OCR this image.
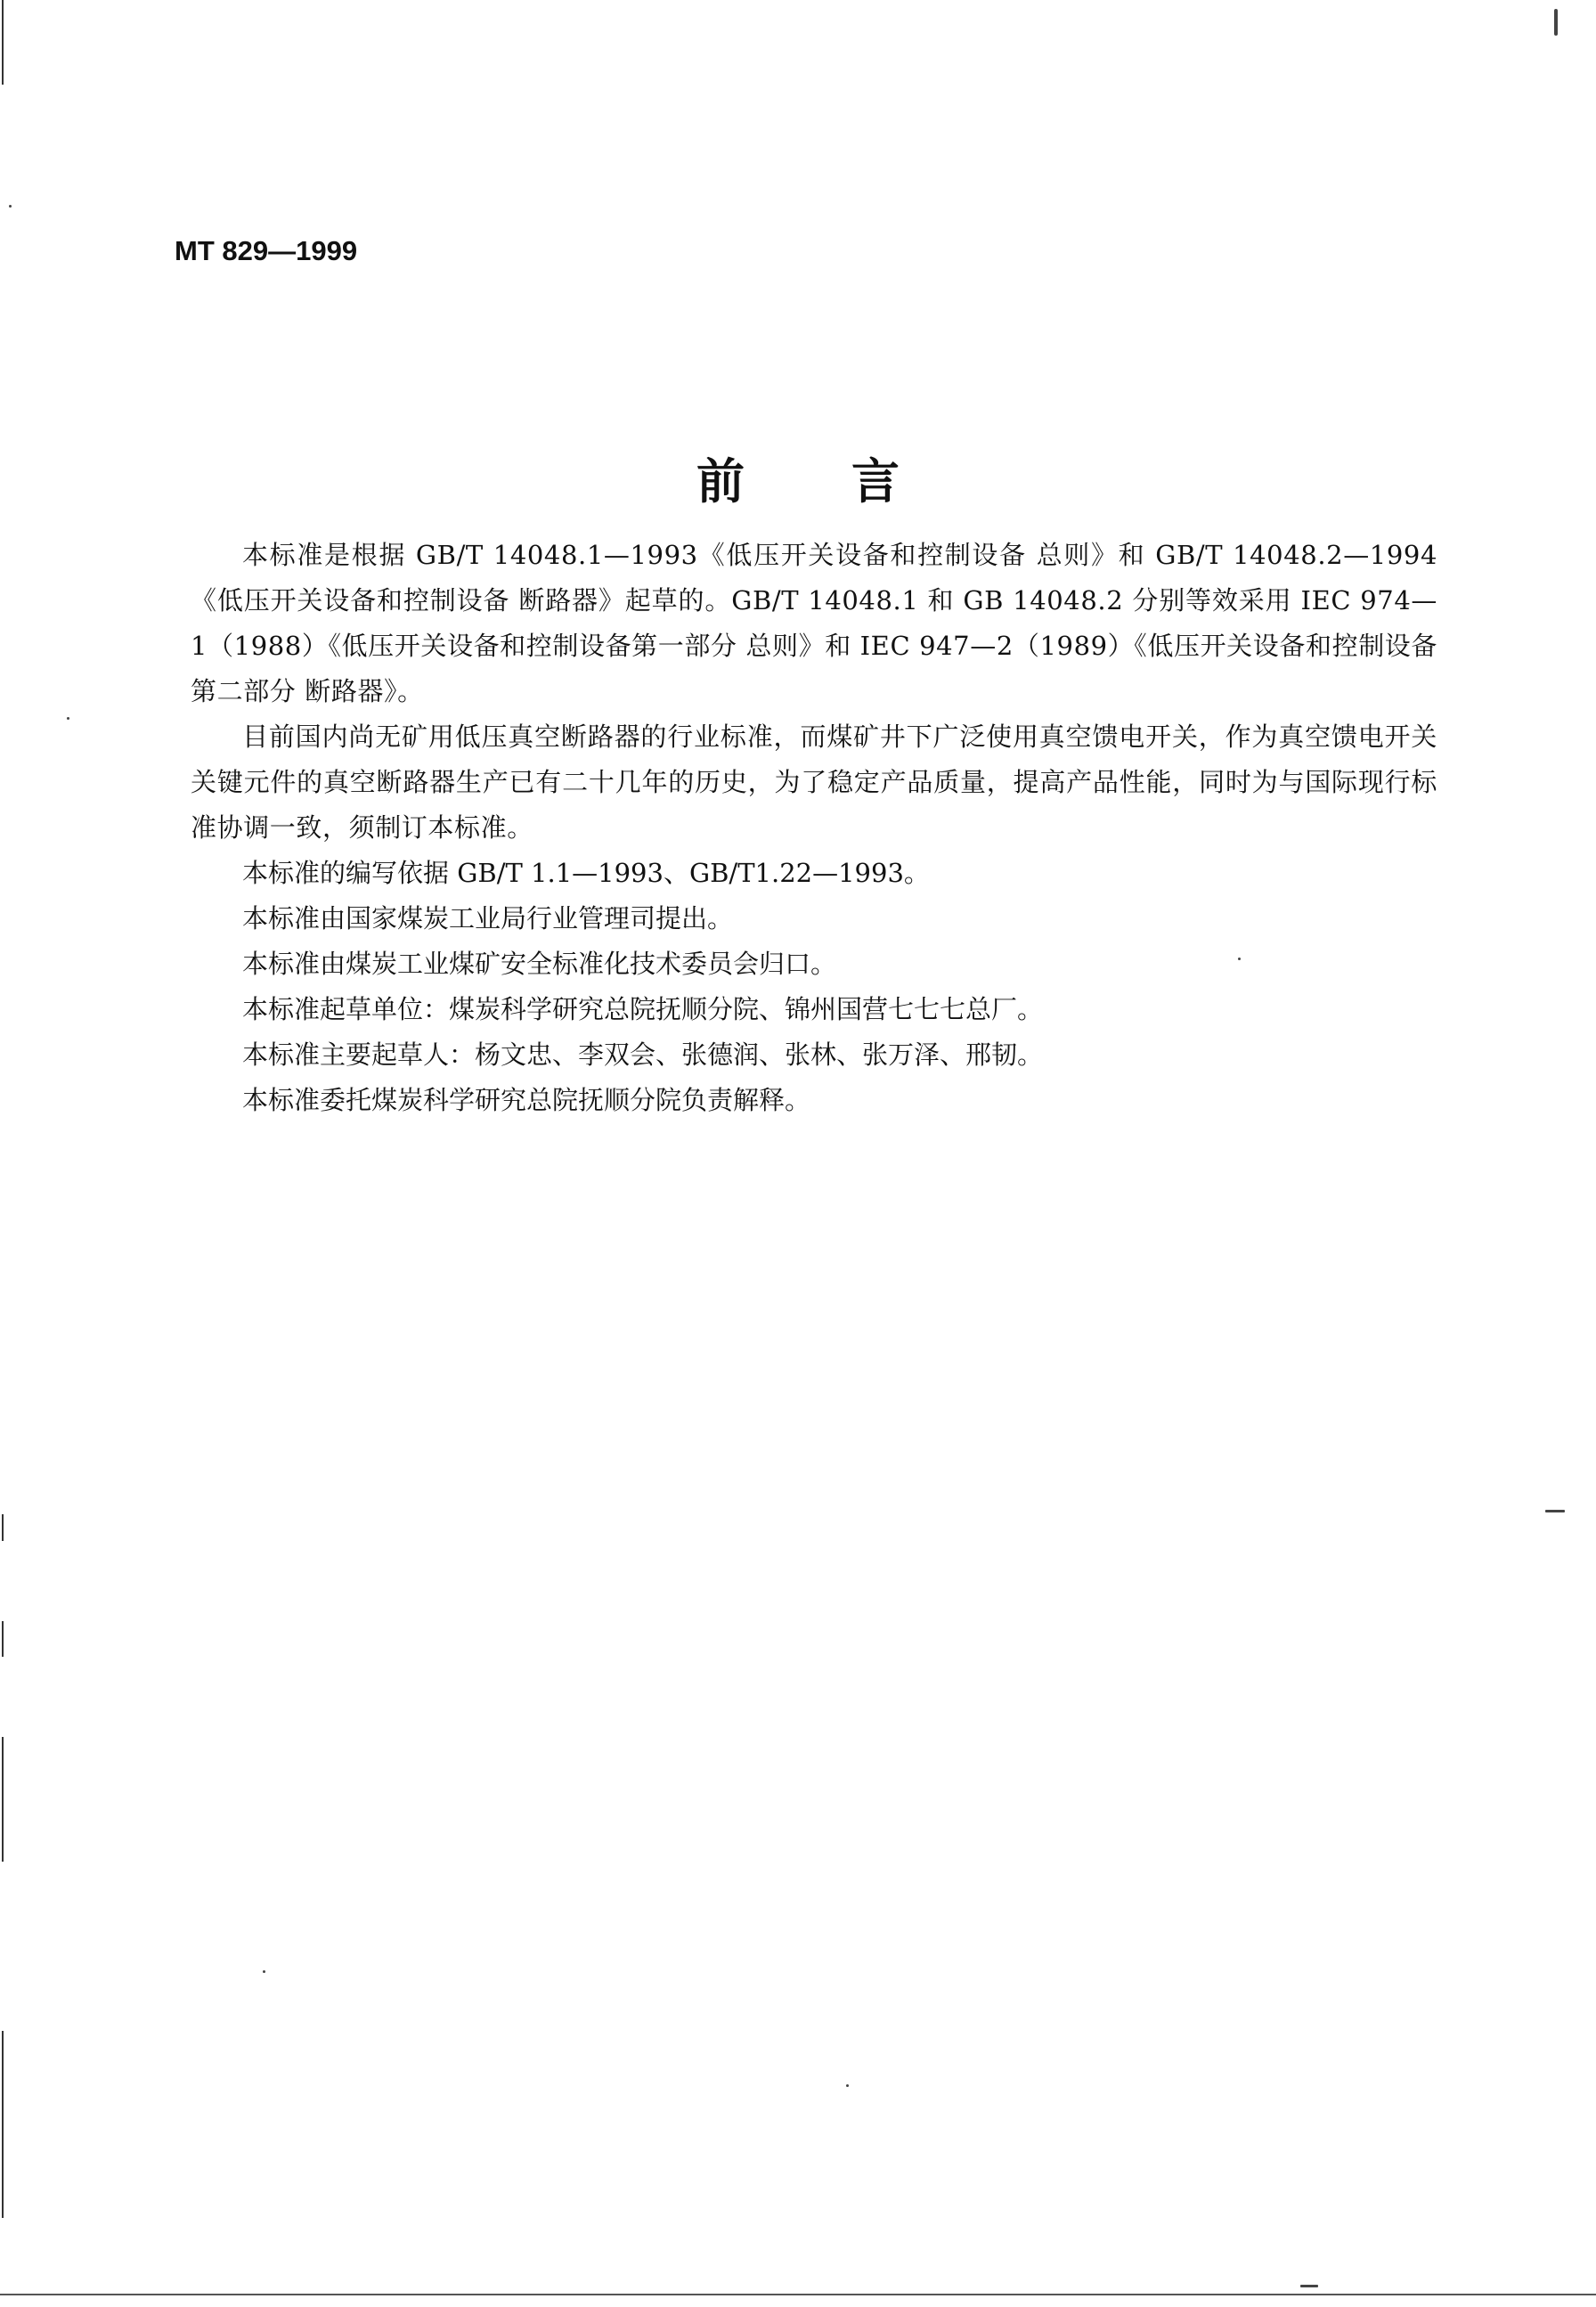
MT 829—1999
前 言

本标准是根据 GB/T 14048.1—1993《低压开关设备和控制设备 总则》和 GB/T 14048.2—1994《低压开关设备和控制设备 断路器》起草的。GB/T 14048.1 和 GB 14048.2 分别等效采用 IEC 974—1（1988）《低压开关设备和控制设备第一部分 总则》和 IEC 947—2（1989）《低压开关设备和控制设备 第二部分 断路器》。

目前国内尚无矿用低压真空断路器的行业标准，而煤矿井下广泛使用真空馈电开关，作为真空馈电开关关键元件的真空断路器生产已有二十几年的历史，为了稳定产品质量，提高产品性能，同时为与国际现行标准协调一致，须制订本标准。

本标准的编写依据 GB/T 1.1—1993、GB/T1.22—1993。

本标准由国家煤炭工业局行业管理司提出。

本标准由煤炭工业煤矿安全标准化技术委员会归口。

本标准起草单位：煤炭科学研究总院抚顺分院、锦州国营七七七总厂。

本标准主要起草人：杨文忠、李双会、张德润、张林、张万泽、邢韧。

本标准委托煤炭科学研究总院抚顺分院负责解释。
